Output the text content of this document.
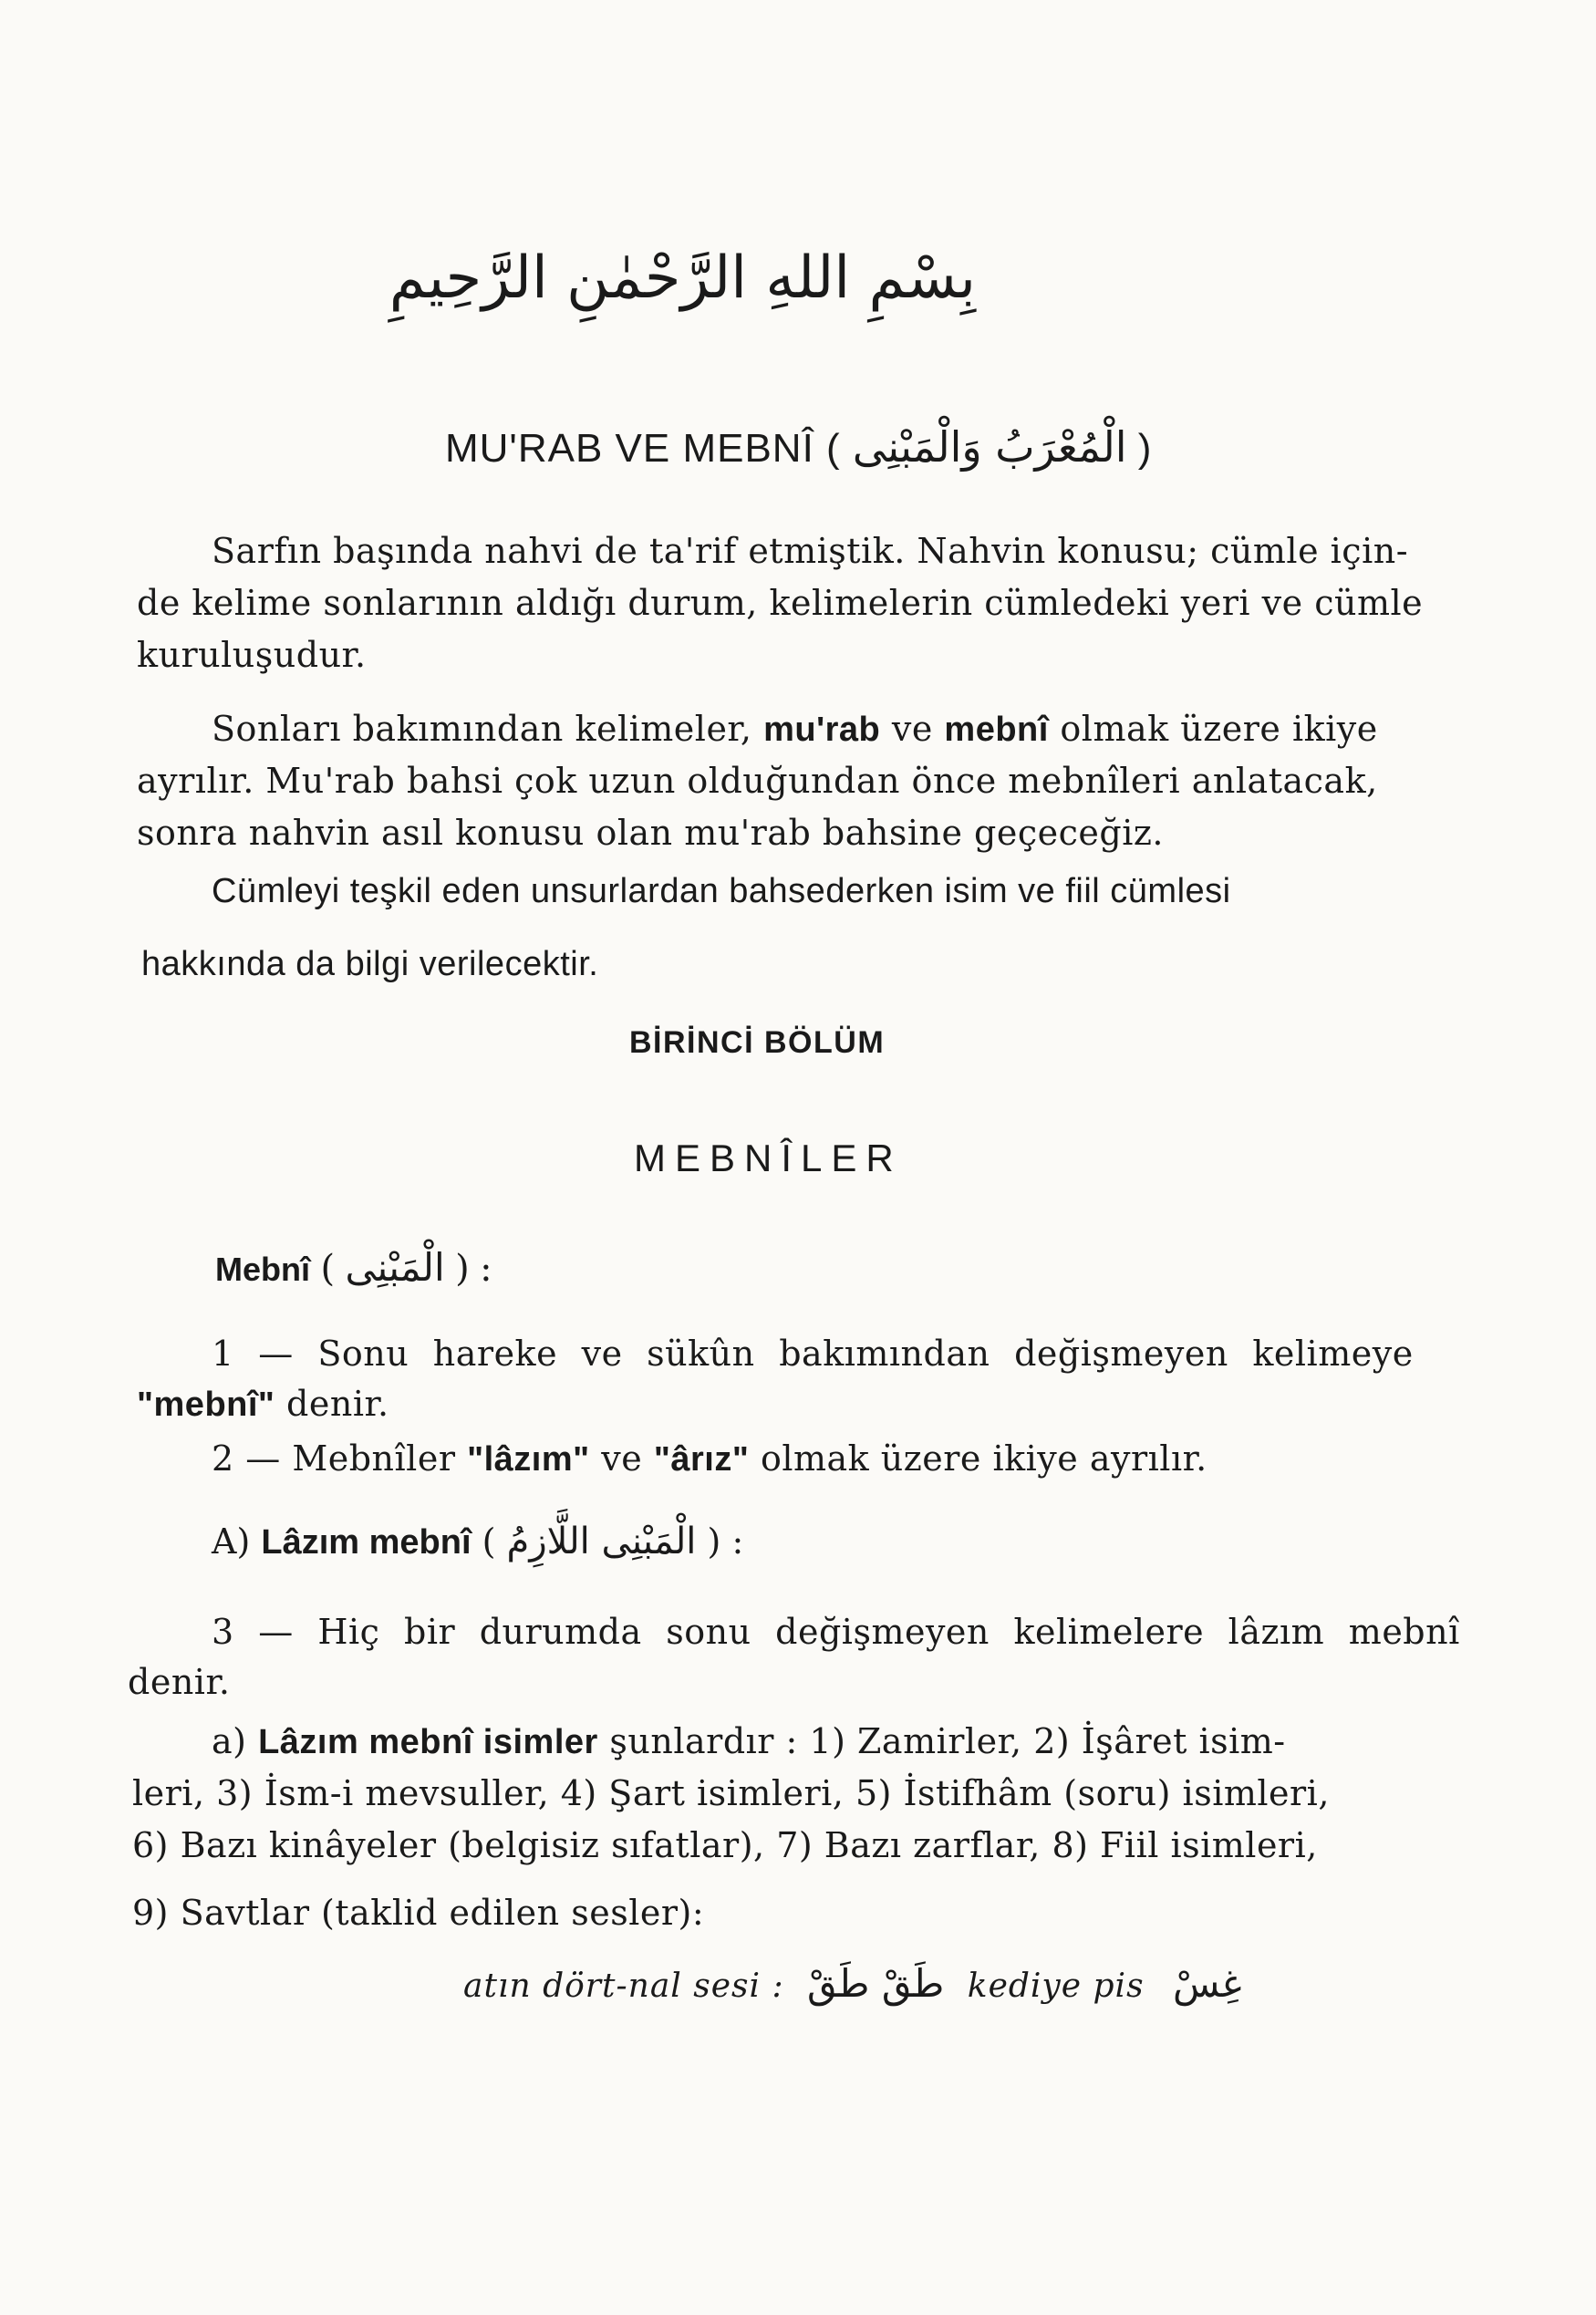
بِسْمِ اللهِ الرَّحْمٰنِ الرَّحِيمِ
MU'RAB VE MEBNÎ ( الْمُعْرَبُ وَالْمَبْنِى )
Sarfın başında nahvi de ta'rif etmiştik. Nahvin konusu; cümle için-
de kelime sonlarının aldığı durum, kelimelerin cümledeki yeri ve cümle
kuruluşudur.
Sonları bakımından kelimeler, mu'rab ve mebnî olmak üzere ikiye
ayrılır. Mu'rab bahsi çok uzun olduğundan önce mebnîleri anlatacak,
sonra nahvin asıl konusu olan mu'rab bahsine geçeceğiz.
Cümleyi teşkil eden unsurlardan bahsederken isim ve fiil cümlesi
hakkında da bilgi verilecektir.
BİRİNCİ BÖLÜM
MEBNÎLER
Mebnî ( الْمَبْنِى ) :
1 — Sonu hareke ve sükûn bakımından değişmeyen kelimeye
"mebnî" denir.
2 — Mebnîler "lâzım" ve "ârız" olmak üzere ikiye ayrılır.
A) Lâzım mebnî ( الْمَبْنِى اللَّازِمُ ) :
3 — Hiç bir durumda sonu değişmeyen kelimelere lâzım mebnî
denir.
a) Lâzım mebnî isimler şunlardır : 1) Zamirler, 2) İşâret isim-
leri, 3) İsm-i mevsuller, 4) Şart isimleri, 5) İstifhâm (soru) isimleri,
6) Bazı kinâyeler (belgisiz sıfatlar), 7) Bazı zarflar, 8) Fiil isimleri,
9) Savtlar (taklid edilen sesler):
atın dört-nal sesi : طَقْ طَقْ kediye pis غِسْ
